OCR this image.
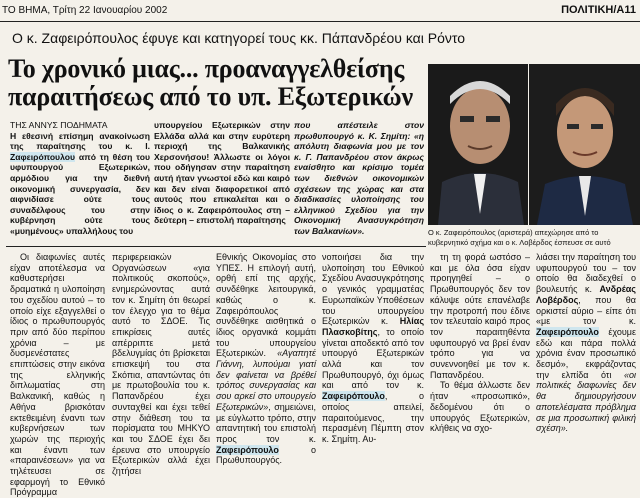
ΤΟ ΒΗΜΑ, Τρίτη 22 Ιανουαρίου 2002	ΠΟΛΙΤΙΚΗ/Α11
Ο κ. Ζαφειρόπουλος έφυγε και κατηγορεί τους κκ. Πάπανδρέου και Ρόντο
Το χρονικό μιας... προαναγγελθείσης παραιτήσεως από το υπ. Εξωτερικών
Ο κ. Ζαφειρόπουλος (αριστερά) απεχώρησε από το κυβερνητικό σχήμα και ο κ. Λοβέρδος έσπευσε σε αυτό
ΤΗΣ ΑΝΝΥΣ ΠΟΔΗΜΑΤΑ
Η εθεσινή επίσημη ανακοίνωση της παραίτησης του κ. Ι. Ζαφειρόπουλου από τη θέση του υφυπουργού Εξωτερικών, αρμόδιου για την διεθνή οικονομική συνεργασία, δεν αιφνιδίασε ούτε τους συναδέλφους του στην κυβέρνηση ούτε τους «μυημένους» υπαλλήλους του
υπουργείου Εξωτερικών στην Ελλάδα αλλά και στην ευρύτερη περιοχή της Βαλκανικής Χερσονήσου! Άλλωστε οι λόγοι που οδήγησαν στην παραίτηση αυτή ήταν γνωστοί εδώ και καιρό και δεν είναι διαφορετικοί από αυτούς που επικαλείται και ο ίδιος ο κ. Ζαφειρόπουλος στη – δεύτερη – επιστολή παραίτησης
που απέστειλε στον πρωθυπουργό κ. Κ. Σημίτη: «η απόλυτη διαφωνία μου με τον κ. Γ. Παπανδρέου στον άκρως εναίσθητο και κρίσιμο τομέα των διεθνών οικονομικών σχέσεων της χώρας και στα διαδικασίες υλοποίησης του ελληνικού Σχεδίου για την Οικονομική Ανασυγκρότηση των Βαλκανίων».
Οι διαφωνίες αυτές είχαν αποτέλεσμα να καθυστερήσει δραματικά η υλοποίηση του σχεδίου αυτού – το οποίο είχε εξαγγελθεί ο ίδιος ο πρωθυπουργός πριν από δύο περίπου χρόνια – με δυσμενέστατες επιπτώσεις στην εικόνα της ελληνικής διπλωματίας στη Βαλκανική, καθώς η Αθήνα βρισκόταν εκτεθειμένη έναντι των κυβερνήσεων των χωρών της περιοχής και έναντι των «παραινέσεων» για να τηλέτευσει σε εφαρμογή το Εθνικό Πρόγραμμα
περιφερειακών Οργανώσεων «για πολιτικούς σκοπούς», ενημερώνοντας αυτά τον κ. Σημίτη ότι θεωρεί τον έλεγχο για το θέμα αυτό το ΣΔΟΕ. Τις επικρίσεις αυτές απέρριπτε μετά βδελυγμίας ότι βρίσκεται επισκεψή του στα Σκόπια, απαντώντας ότι με πρωτοβουλία του κ. Παπανδρέου έχει συνταχθεί και έχει τεθεί στην διάθεση του τα πορίσματα του ΜΗΚΥΟ και του ΣΔΟΕ έχει δει έρευνα στο υπουργείο Εξωτερικών αλλά έχει ζητήσει
Εθνικής Οικονομίας στο ΥΠΕΣ. Η επιλογή αυτή, ορθή επί της αρχής, συνδέθηκε λειτουργικά, καθώς ο κ. Ζαφειρόπουλος συνδέθηκε αισθητικά ο ίδιος οργανικά κομμάτι του υπουργείου Εξωτερικών. «Αγαπητέ Γιάννη, λυπούμαι γιατί δεν φαίνεται να βρέθεί τρόπος συνεργασίας και σου αρκεί στο υπουργείο Εξωτερικών», σημειώνει, με εύγλωττο τρόπο, στην απαντητική του επιστολή προς τον κ. Ζαφειρόπουλο ο Πρωθυπουργός.
νοποιήσει δια την υλοποίηση του Εθνικού Σχεδίου Ανασυγκρότησης ο γενικός γραμματέας Ευρωπαϊκών Υποθέσεων του υπουργείου Εξωτερικών κ. Ηλίας Πλασκοβίτης, το οποίο γίνεται αποδεκτό από τον υπουργό Εξωτερικών αλλά και τον Πρωθυπουργό, όχι όμως και από τον κ. Ζαφειρόπουλο, ο οποίος απειλεί, παραιτούμενος, την περασμένη Πέμπτη στον κ. Σημίτη. Αυ-
τη τη φορά ωστόσο – και με όλα όσα είχαν προηγηθεί – ο Πρωθυπουργός δεν τον κάλυψε ούτε επανέλαβε την προτροπή που έδινε τον τελευταίο καιρό προς τον παραιτηθέντα υφυπουργό να βρεί έναν τρόπο για να συνεννοηθεί με τον κ. Παπανδρέου.
Το θέμα άλλωστε δεν ήταν «προσωπικό», δεδομένου ότι ο υπουργός Εξωτερικών, κλήθεις να σχο-
λιάσει την παραίτηση του υφυπουργού του – τον οποίο θα διαδεχθεί ο βουλευτής κ. Ανδρέας Λοβέρδος, που θα ορκιστεί αύριο – είπε ότι «με τον κ. Ζαφειρόπουλο έχουμε εδώ και πάρα πολλά χρόνια έναν προσωπικό δεσμό», εκφράζοντας την ελπίδα ότι «οι πολιτικές διαφωνίες δεν θα δημιουργήσουν αποτελέσματα πρόβλημα σε μια προσωπική φιλική σχέση».
